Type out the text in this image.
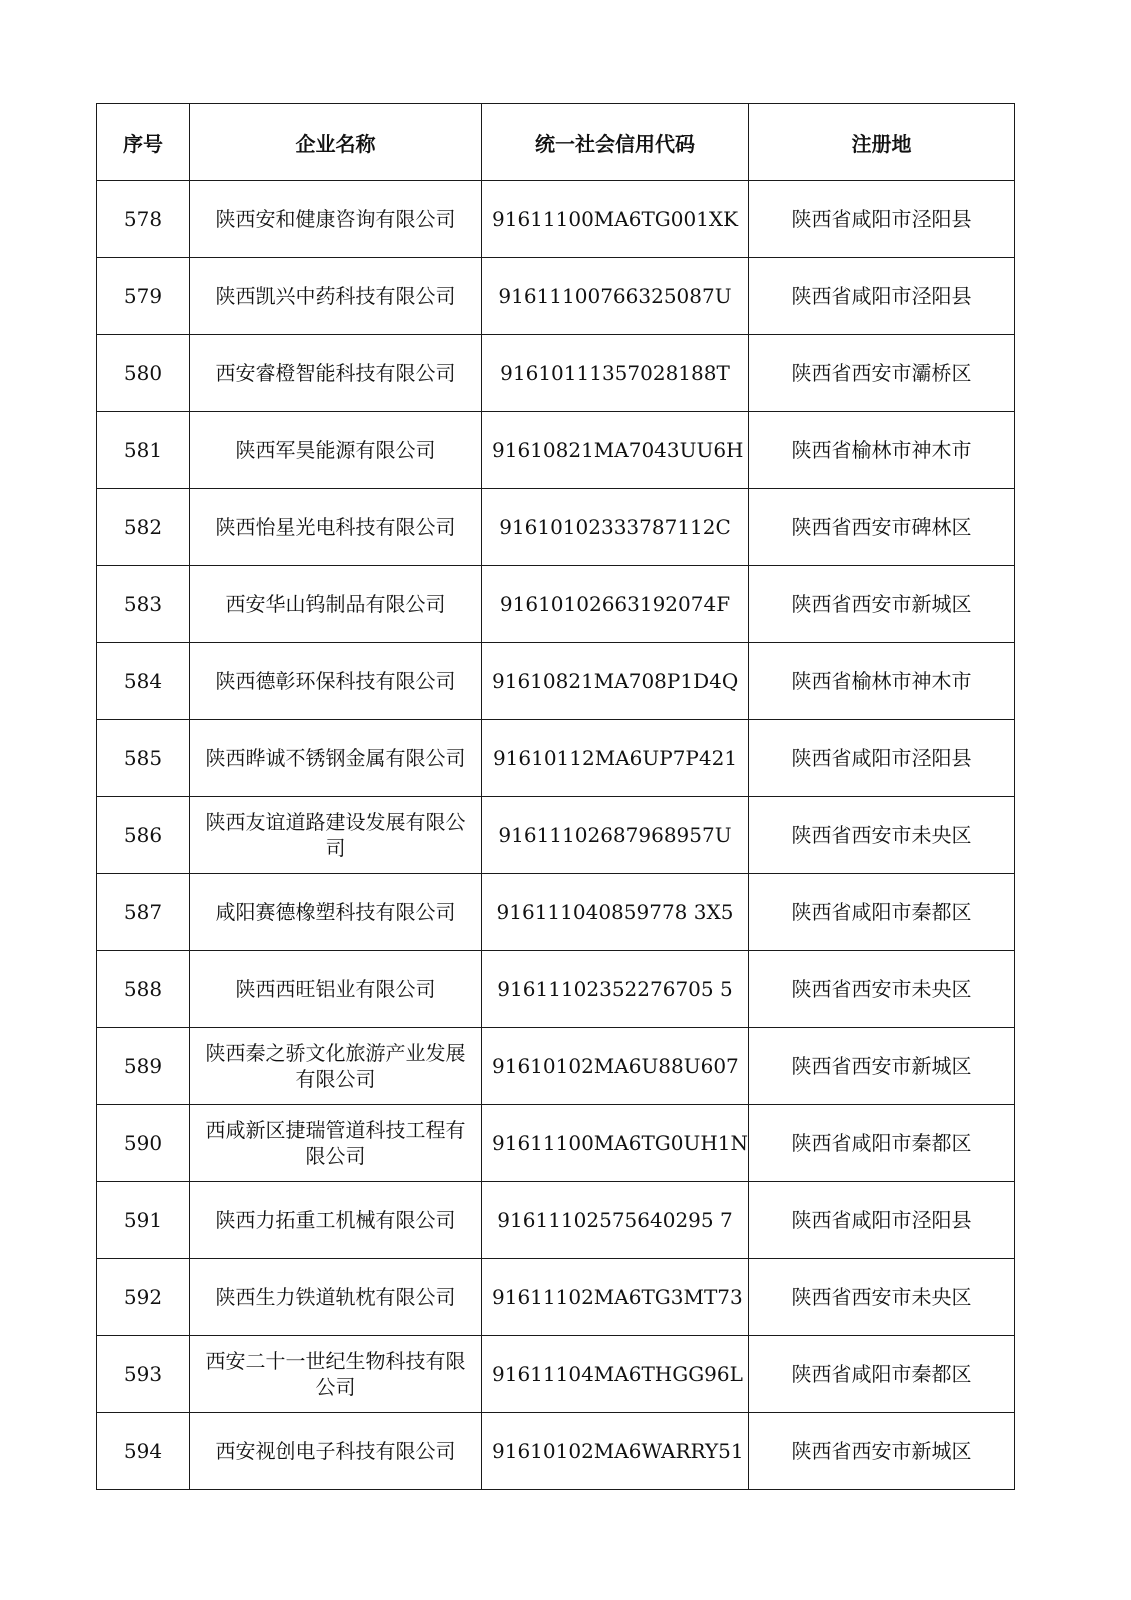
序号	企业名称	统一社会信用代码	注册地
578	陕西安和健康咨询有限公司	91611100MA6TG001XK	陕西省咸阳市泾阳县
579	陕西凯兴中药科技有限公司	91611100766325087U	陕西省咸阳市泾阳县
580	西安睿橙智能科技有限公司	91610111357028188T	陕西省西安市灞桥区
581	陕西军昊能源有限公司	91610821MA7043UU6H	陕西省榆林市神木市
582	陕西怡星光电科技有限公司	91610102333787112C	陕西省西安市碑林区
583	西安华山钨制品有限公司	91610102663192074F	陕西省西安市新城区
584	陕西德彰环保科技有限公司	91610821MA708P1D4Q	陕西省榆林市神木市
585	陕西晔诚不锈钢金属有限公司	91610112MA6UP7P421	陕西省咸阳市泾阳县
586	陕西友谊道路建设发展有限公司	91611102687968957U	陕西省西安市未央区
587	咸阳赛德橡塑科技有限公司	916111040859778 3X5	陕西省咸阳市秦都区
588	陕西西旺铝业有限公司	91611102352276705 5	陕西省西安市未央区
589	陕西秦之骄文化旅游产业发展有限公司	91610102MA6U88U607	陕西省西安市新城区
590	西咸新区捷瑞管道科技工程有限公司	91611100MA6TG0UH1N	陕西省咸阳市秦都区
591	陕西力拓重工机械有限公司	91611102575640295 7	陕西省咸阳市泾阳县
592	陕西生力铁道轨枕有限公司	91611102MA6TG3MT73	陕西省西安市未央区
593	西安二十一世纪生物科技有限公司	91611104MA6THGG96L	陕西省咸阳市秦都区
594	西安视创电子科技有限公司	91610102MA6WARRY51	陕西省西安市新城区
